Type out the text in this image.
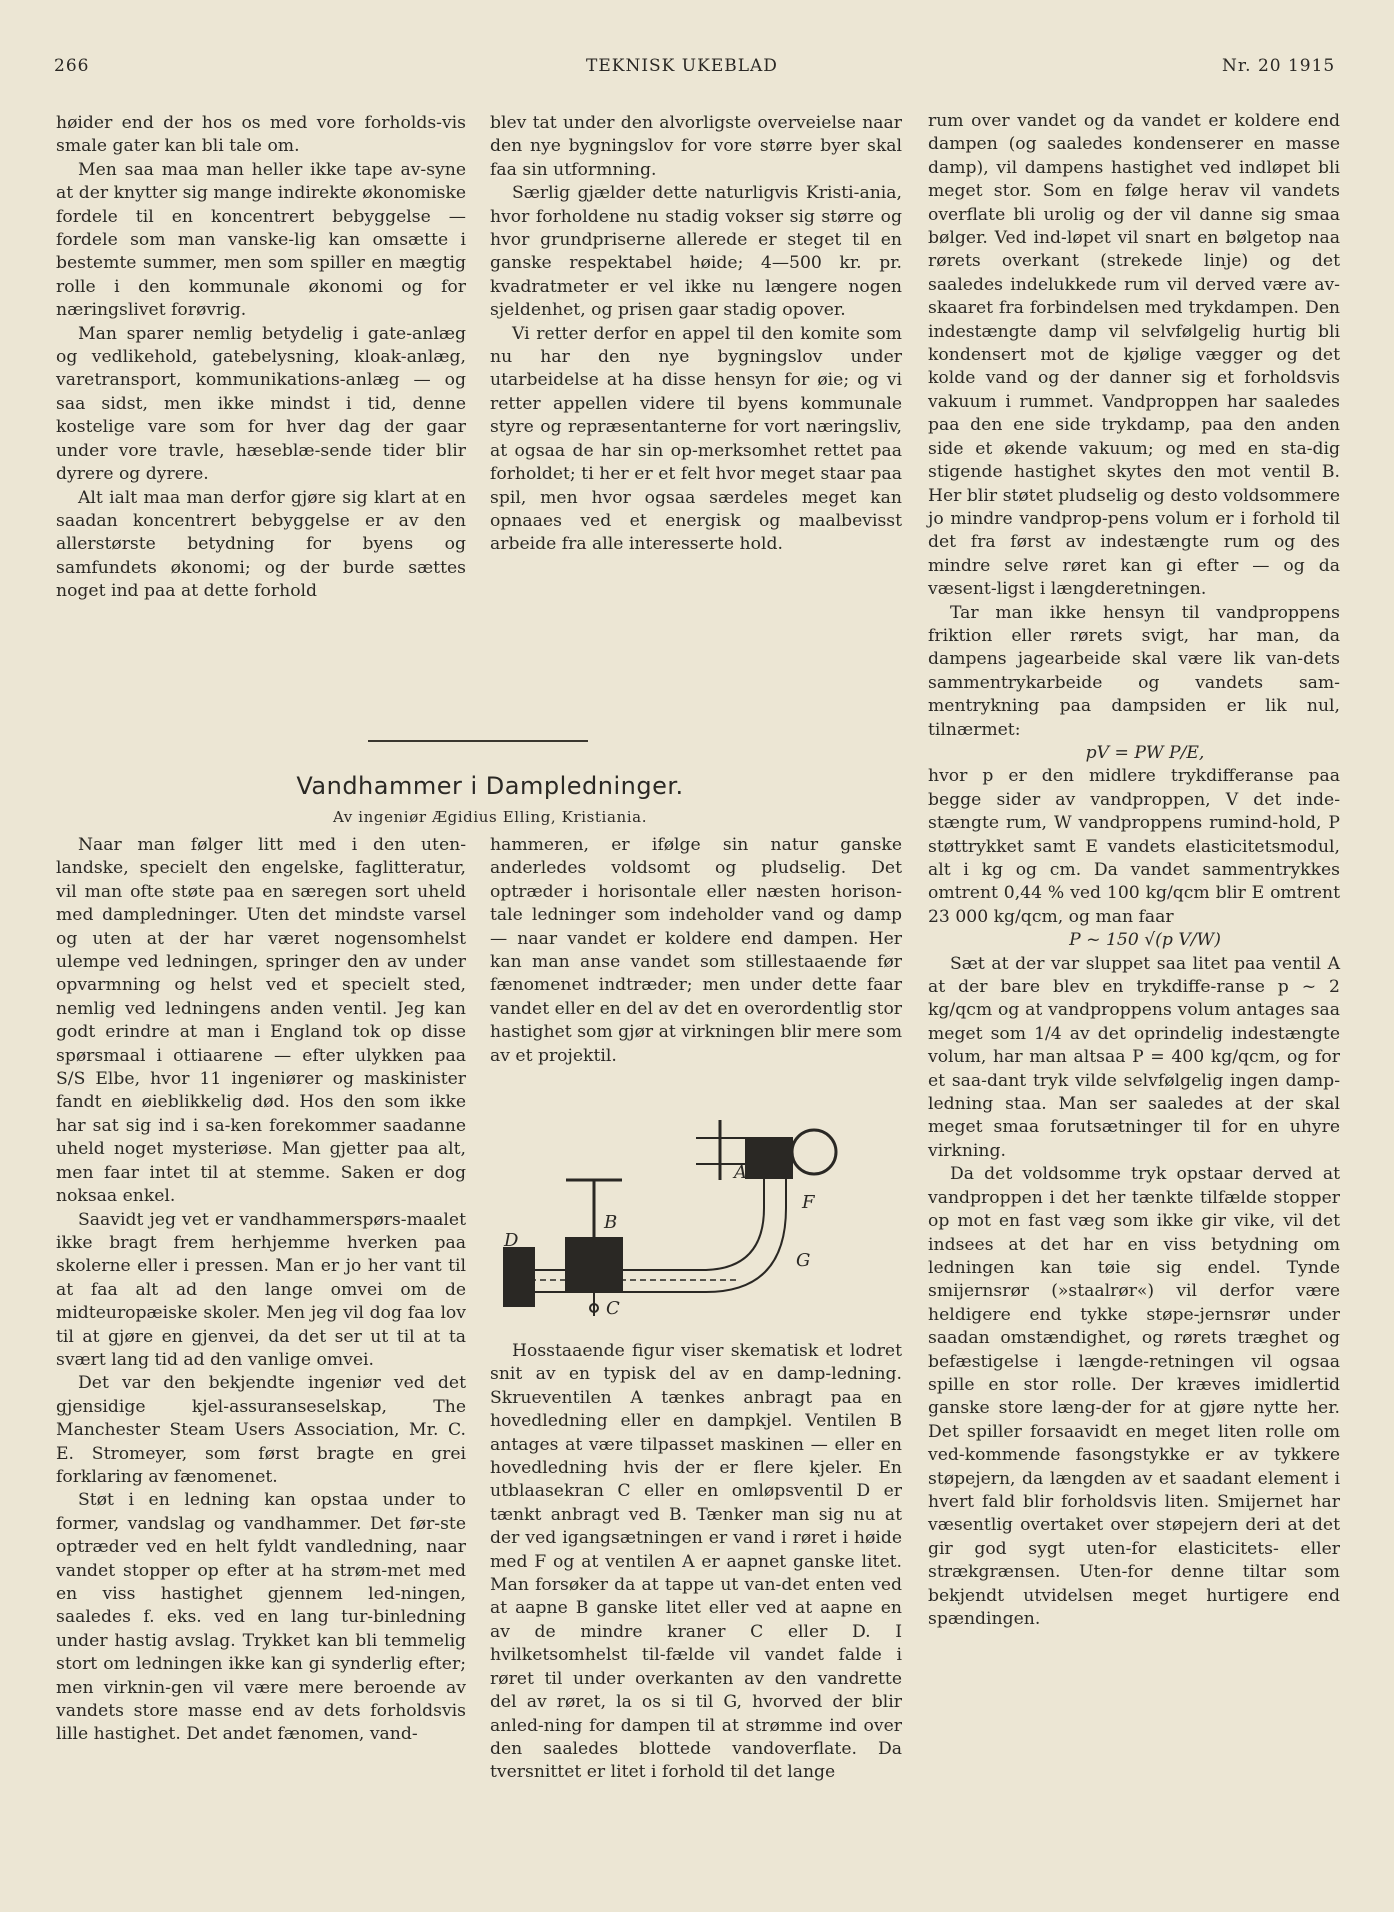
266	TEKNISK UKEBLAD	Nr. 20 1915

høider end der hos os med vore forholds-vis smale gater kan bli tale om.

Men saa maa man heller ikke tape av-syne at der knytter sig mange indirekte økonomiske fordele til en koncentrert bebyggelse — fordele som man vanske-lig kan omsætte i bestemte summer, men som spiller en mægtig rolle i den kommunale økonomi og for næringslivet forøvrig.

Man sparer nemlig betydelig i gate-anlæg og vedlikehold, gatebelysning, kloak-anlæg, varetransport, kommunikations-anlæg — og saa sidst, men ikke mindst i tid, denne kostelige vare som for hver dag der gaar under vore travle, hæseblæ-sende tider blir dyrere og dyrere.

Alt ialt maa man derfor gjøre sig klart at en saadan koncentrert bebyggelse er av den allerstørste betydning for byens og samfundets økonomi; og der burde sættes noget ind paa at dette forhold

blev tat under den alvorligste overveielse naar den nye bygningslov for vore større byer skal faa sin utformning.

Særlig gjælder dette naturligvis Kristi-ania, hvor forholdene nu stadig vokser sig større og hvor grundpriserne allerede er steget til en ganske respektabel høide; 4—500 kr. pr. kvadratmeter er vel ikke nu længere nogen sjeldenhet, og prisen gaar stadig opover.

Vi retter derfor en appel til den komite som nu har den nye bygningslov under utarbeidelse at ha disse hensyn for øie; og vi retter appellen videre til byens kommunale styre og repræsentanterne for vort næringsliv, at ogsaa de har sin op-merksomhet rettet paa forholdet; ti her er et felt hvor meget staar paa spil, men hvor ogsaa særdeles meget kan opnaaes ved et energisk og maalbevisst arbeide fra alle interesserte hold.

Vandhammer i Dampledninger.
Av ingeniør Ægidius Elling, Kristiania.

Naar man følger litt med i den uten-landske, specielt den engelske, faglitteratur, vil man ofte støte paa en særegen sort uheld med dampledninger. Uten det mindste varsel og uten at der har været nogensomhelst ulempe ved ledningen, springer den av under opvarmning og helst ved et specielt sted, nemlig ved ledningens anden ventil. Jeg kan godt erindre at man i England tok op disse spørsmaal i ottiaarene — efter ulykken paa S/S Elbe, hvor 11 ingeniører og maskinister fandt en øieblikkelig død. Hos den som ikke har sat sig ind i sa-ken forekommer saadanne uheld noget mysteriøse. Man gjetter paa alt, men faar intet til at stemme. Saken er dog noksaa enkel.

Saavidt jeg vet er vandhammerspørs-maalet ikke bragt frem herhjemme hverken paa skolerne eller i pressen. Man er jo her vant til at faa alt ad den lange omvei om de midteuropæiske skoler. Men jeg vil dog faa lov til at gjøre en gjenvei, da det ser ut til at ta svært lang tid ad den vanlige omvei.

Det var den bekjendte ingeniør ved det gjensidige kjel-assuranseselskap, The Manchester Steam Users Association, Mr. C. E. Stromeyer, som først bragte en grei forklaring av fænomenet.

Støt i en ledning kan opstaa under to former, vandslag og vandhammer. Det før-ste optræder ved en helt fyldt vandledning, naar vandet stopper op efter at ha strøm-met med en viss hastighet gjennem led-ningen, saaledes f. eks. ved en lang tur-binledning under hastig avslag. Trykket kan bli temmelig stort om ledningen ikke kan gi synderlig efter; men virknin-gen vil være mere beroende av vandets store masse end av dets forholdsvis lille hastighet. Det andet fænomen, vand-

hammeren, er ifølge sin natur ganske anderledes voldsomt og pludselig. Det optræder i horisontale eller næsten horison-tale ledninger som indeholder vand og damp — naar vandet er koldere end dampen. Her kan man anse vandet som stillestaaende før fænomenet indtræder; men under dette faar vandet eller en del av det en overordentlig stor hastighet som gjør at virkningen blir mere som av et projektil.

A
B
C
D
F
G

Hosstaaende figur viser skematisk et lodret snit av en typisk del av en damp-ledning. Skrueventilen A tænkes anbragt paa en hovedledning eller en dampkjel. Ventilen B antages at være tilpasset maskinen — eller en hovedledning hvis der er flere kjeler. En utblaasekran C eller en omløpsventil D er tænkt anbragt ved B. Tænker man sig nu at der ved igangsætningen er vand i røret i høide med F og at ventilen A er aapnet ganske litet. Man forsøker da at tappe ut van-det enten ved at aapne B ganske litet eller ved at aapne en av de mindre kraner C eller D. I hvilketsomhelst til-fælde vil vandet falde i røret til under overkanten av den vandrette del av røret, la os si til G, hvorved der blir anled-ning for dampen til at strømme ind over den saaledes blottede vandoverflate. Da tversnittet er litet i forhold til det lange

rum over vandet og da vandet er koldere end dampen (og saaledes kondenserer en masse damp), vil dampens hastighet ved indløpet bli meget stor. Som en følge herav vil vandets overflate bli urolig og der vil danne sig smaa bølger. Ved ind-løpet vil snart en bølgetop naa rørets overkant (strekede linje) og det saaledes indelukkede rum vil derved være av-skaaret fra forbindelsen med trykdampen. Den indestængte damp vil selvfølgelig hurtig bli kondensert mot de kjølige vægger og det kolde vand og der danner sig et forholdsvis vakuum i rummet. Vandproppen har saaledes paa den ene side trykdamp, paa den anden side et økende vakuum; og med en sta-dig stigende hastighet skytes den mot ventil B. Her blir støtet pludselig og desto voldsommere jo mindre vandprop-pens volum er i forhold til det fra først av indestængte rum og des mindre selve røret kan gi efter — og da væsent-ligst i længderetningen.

Tar man ikke hensyn til vandproppens friktion eller rørets svigt, har man, da dampens jagearbeide skal være lik van-dets sammentrykarbeide og vandets sam-mentrykning paa dampsiden er lik nul, tilnærmet:

pV = PW P/E,

hvor p er den midlere trykdifferanse paa begge sider av vandproppen, V det inde-stængte rum, W vandproppens rumind-hold, P støttrykket samt E vandets elasticitetsmodul, alt i kg og cm. Da vandet sammentrykkes omtrent 0,44 % ved 100 kg/qcm blir E omtrent 23 000 kg/qcm, og man faar

P ~ 150 √(p V/W)

Sæt at der var sluppet saa litet paa ventil A at der bare blev en trykdiffe-ranse p ~ 2 kg/qcm og at vandproppens volum antages saa meget som 1/4 av det oprindelig indestængte volum, har man altsaa P = 400 kg/qcm, og for et saa-dant tryk vilde selvfølgelig ingen damp-ledning staa. Man ser saaledes at der skal meget smaa forutsætninger til for en uhyre virkning.

Da det voldsomme tryk opstaar derved at vandproppen i det her tænkte tilfælde stopper op mot en fast væg som ikke gir vike, vil det indsees at det har en viss betydning om ledningen kan tøie sig endel. Tynde smijernsrør (»staalrør«) vil derfor være heldigere end tykke støpe-jernsrør under saadan omstændighet, og rørets træghet og befæstigelse i længde-retningen vil ogsaa spille en stor rolle. Der kræves imidlertid ganske store læng-der for at gjøre nytte her. Det spiller forsaavidt en meget liten rolle om ved-kommende fasongstykke er av tykkere støpejern, da længden av et saadant element i hvert fald blir forholdsvis liten. Smijernet har væsentlig overtaket over støpejern deri at det gir god sygt uten-for elasticitets- eller strækgrænsen. Uten-for denne tiltar som bekjendt utvidelsen meget hurtigere end spændingen.
